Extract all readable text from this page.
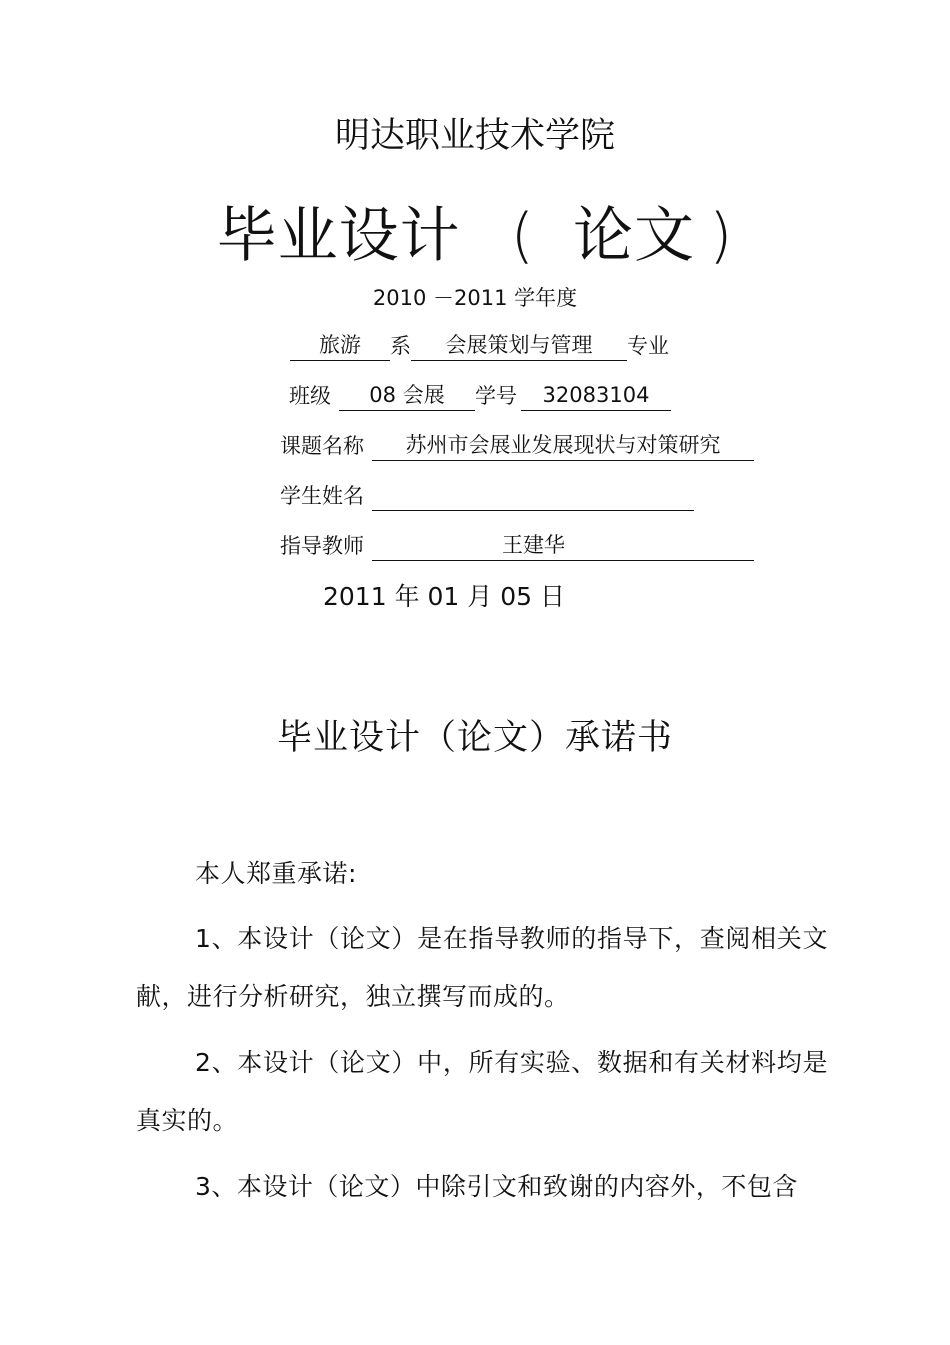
明达职业技术学院
毕业设计 ( 论文 )
2010 －2011 学年度
旅游 系 会展策划与管理 专业
班级 08 会展 学号 32083104
课题名称 苏州市会展业发展现状与对策研究
学生姓名
指导教师	王建华
2011 年 01 月 05 日
毕业设计（论文）承诺书
本人郑重承诺:
1、本设计（论文）是在指导教师的指导下，查阅相关文献，进行分析研究，独立撰写而成的。
2、本设计（论文）中，所有实验、数据和有关材料均是真实的。
3、本设计（论文）中除引文和致谢的内容外，不包含
